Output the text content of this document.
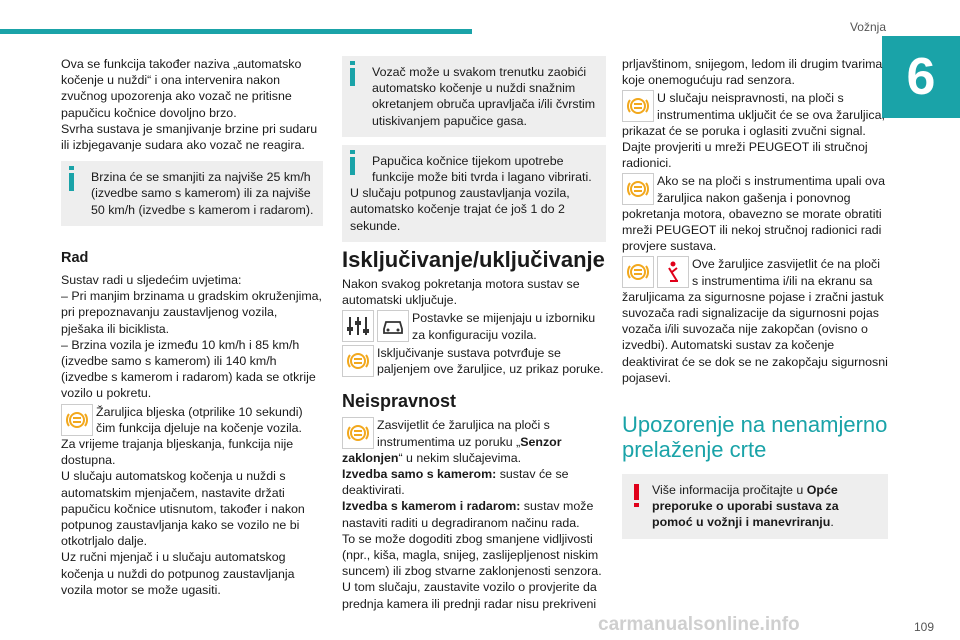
Vožnja
6

Ova se funkcija također naziva „automatsko kočenje u nuždi“ i ona intervenira nakon zvučnog upozorenja ako vozač ne pritisne papučicu kočnice dovoljno brzo.

Svrha sustava je smanjivanje brzine pri sudaru ili izbjegavanje sudara ako vozač ne reagira.

Brzina će se smanjiti za najviše 25 km/h (izvedbe samo s kamerom) ili za najviše 50 km/h (izvedbe s kamerom i radarom).

Rad

Sustav radi u sljedećim uvjetima:

– Pri manjim brzinama u gradskim okruženjima, pri prepoznavanju zaustavljenog vozila, pješaka ili biciklista.

– Brzina vozila je između 10 km/h i 85 km/h (izvedbe samo s kamerom) ili 140 km/h (izvedbe s kamerom i radarom) kada se otkrije vozilo u pokretu.

Žaruljica bljeska (otprilike 10 sekundi) čim funkcija djeluje na kočenje vozila.

Za vrijeme trajanja bljeskanja, funkcija nije dostupna.

U slučaju automatskog kočenja u nuždi s automatskim mjenjačem, nastavite držati papučicu kočnice utisnutom, također i nakon potpunog zaustavljanja kako se vozilo ne bi otkotrljalo dalje.

Uz ručni mjenjač i u slučaju automatskog kočenja u nuždi do potpunog zaustavljanja vozila motor se može ugasiti.

Vozač može u svakom trenutku zaobići automatsko kočenje u nuždi snažnim okretanjem obruča upravljača i/ili čvrstim utiskivanjem papučice gasa.

Papučica kočnice tijekom upotrebe funkcije može biti tvrda i lagano vibrirati.

U slučaju potpunog zaustavljanja vozila, automatsko kočenje trajat će još 1 do 2 sekunde.

Isključivanje/uključivanje

Nakon svakog pokretanja motora sustav se automatski uključuje.

Postavke se mijenjaju u izborniku za konfiguraciju vozila.

Isključivanje sustava potvrđuje se paljenjem ove žaruljice, uz prikaz poruke.

Neispravnost

Zasvijetlit će žaruljica na ploči s instrumentima uz poruku „Senzor zaklonjen“ u nekim slučajevima.

Izvedba samo s kamerom: sustav će se deaktivirati.

Izvedba s kamerom i radarom: sustav može nastaviti raditi u degradiranom načinu rada.

To se može dogoditi zbog smanjene vidljivosti (npr., kiša, magla, snijeg, zaslijepljenost niskim suncem) ili zbog stvarne zaklonjenosti senzora.

U tom slučaju, zaustavite vozilo o provjerite da prednja kamera ili prednji radar nisu prekriveni

prljavštinom, snijegom, ledom ili drugim tvarima koje onemogućuju rad senzora.

U slučaju neispravnosti, na ploči s instrumentima uključit će se ova žaruljica, prikazat će se poruka i oglasiti zvučni signal.

Dajte provjeriti u mreži PEUGEOT ili stručnoj radionici.

Ako se na ploči s instrumentima upali ova žaruljica nakon gašenja i ponovnog pokretanja motora, obavezno se morate obratiti mreži PEUGEOT ili nekoj stručnoj radionici radi provjere sustava.

Ove žaruljice zasvijetlit će na ploči s instrumentima i/ili na ekranu sa žaruljicama za sigurnosne pojase i zračni jastuk suvozača radi signalizacije da sigurnosni pojas vozača i/ili suvozača nije zakopčan (ovisno o izvedbi). Automatski sustav za kočenje deaktivirat će se dok se ne zakopčaju sigurnosni pojasevi.

Upozorenje na nenamjerno prelaženje crte

Više informacija pročitajte u Opće preporuke o uporabi sustava za pomoć u vožnji i manevriranju.

carmanualsonline.info	109
